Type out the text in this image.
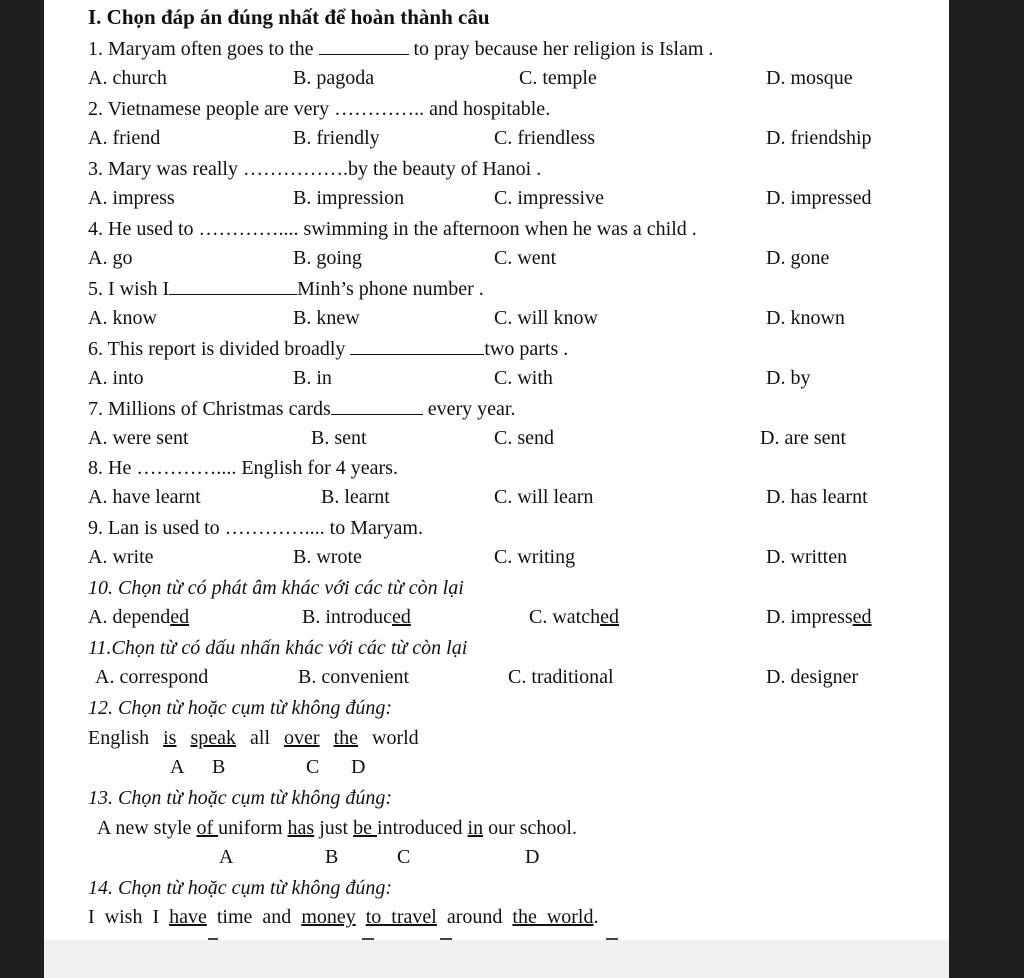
I. Chọn đáp án đúng nhất để hoàn thành câu
1. Maryam often goes to the	to pray because her religion is Islam .
A. church	B. pagoda	C. temple	D. mosque
2. Vietnamese people are very ………….. and hospitable.
A. friend	B. friendly	C. friendless	D. friendship
3. Mary was really …………….by the beauty of Hanoi .
A. impress	B. impression	C. impressive	D. impressed
4. He used to ………….... swimming in the afternoon when he was a child .
A. go	B. going	C. went	D. gone
5. I wish I	Minh’s phone number .
A. know	B. knew	C. will know	D. known
6. This report is divided broadly	two parts .
A. into	B. in	C. with	D. by
7. Millions of Christmas cards	every year.
A. were sent	B. sent	C. send	D. are sent
8. He ………….... English for 4 years.
A. have learnt	B. learnt	C. will learn	D. has learnt
9. Lan is used to ………….... to Maryam.
A. write	B. wrote	C. writing	D. written
10. Chọn từ có phát âm khác với các từ còn lại
A. depended	B. introduced	C. watched	D. impressed
11.Chọn từ có dấu nhấn khác với các từ còn lại
A. correspond	B. convenient	C. traditional	D. designer
12. Chọn từ hoặc cụm từ không đúng:
English is speak all over the world
A B	C D
13. Chọn từ hoặc cụm từ không đúng:
A new style of uniform has just be introduced in our school.
A	B	C	D
14. Chọn từ hoặc cụm từ không đúng:
I  wish  I  have  time  and  money to  travel  around  the  world.
